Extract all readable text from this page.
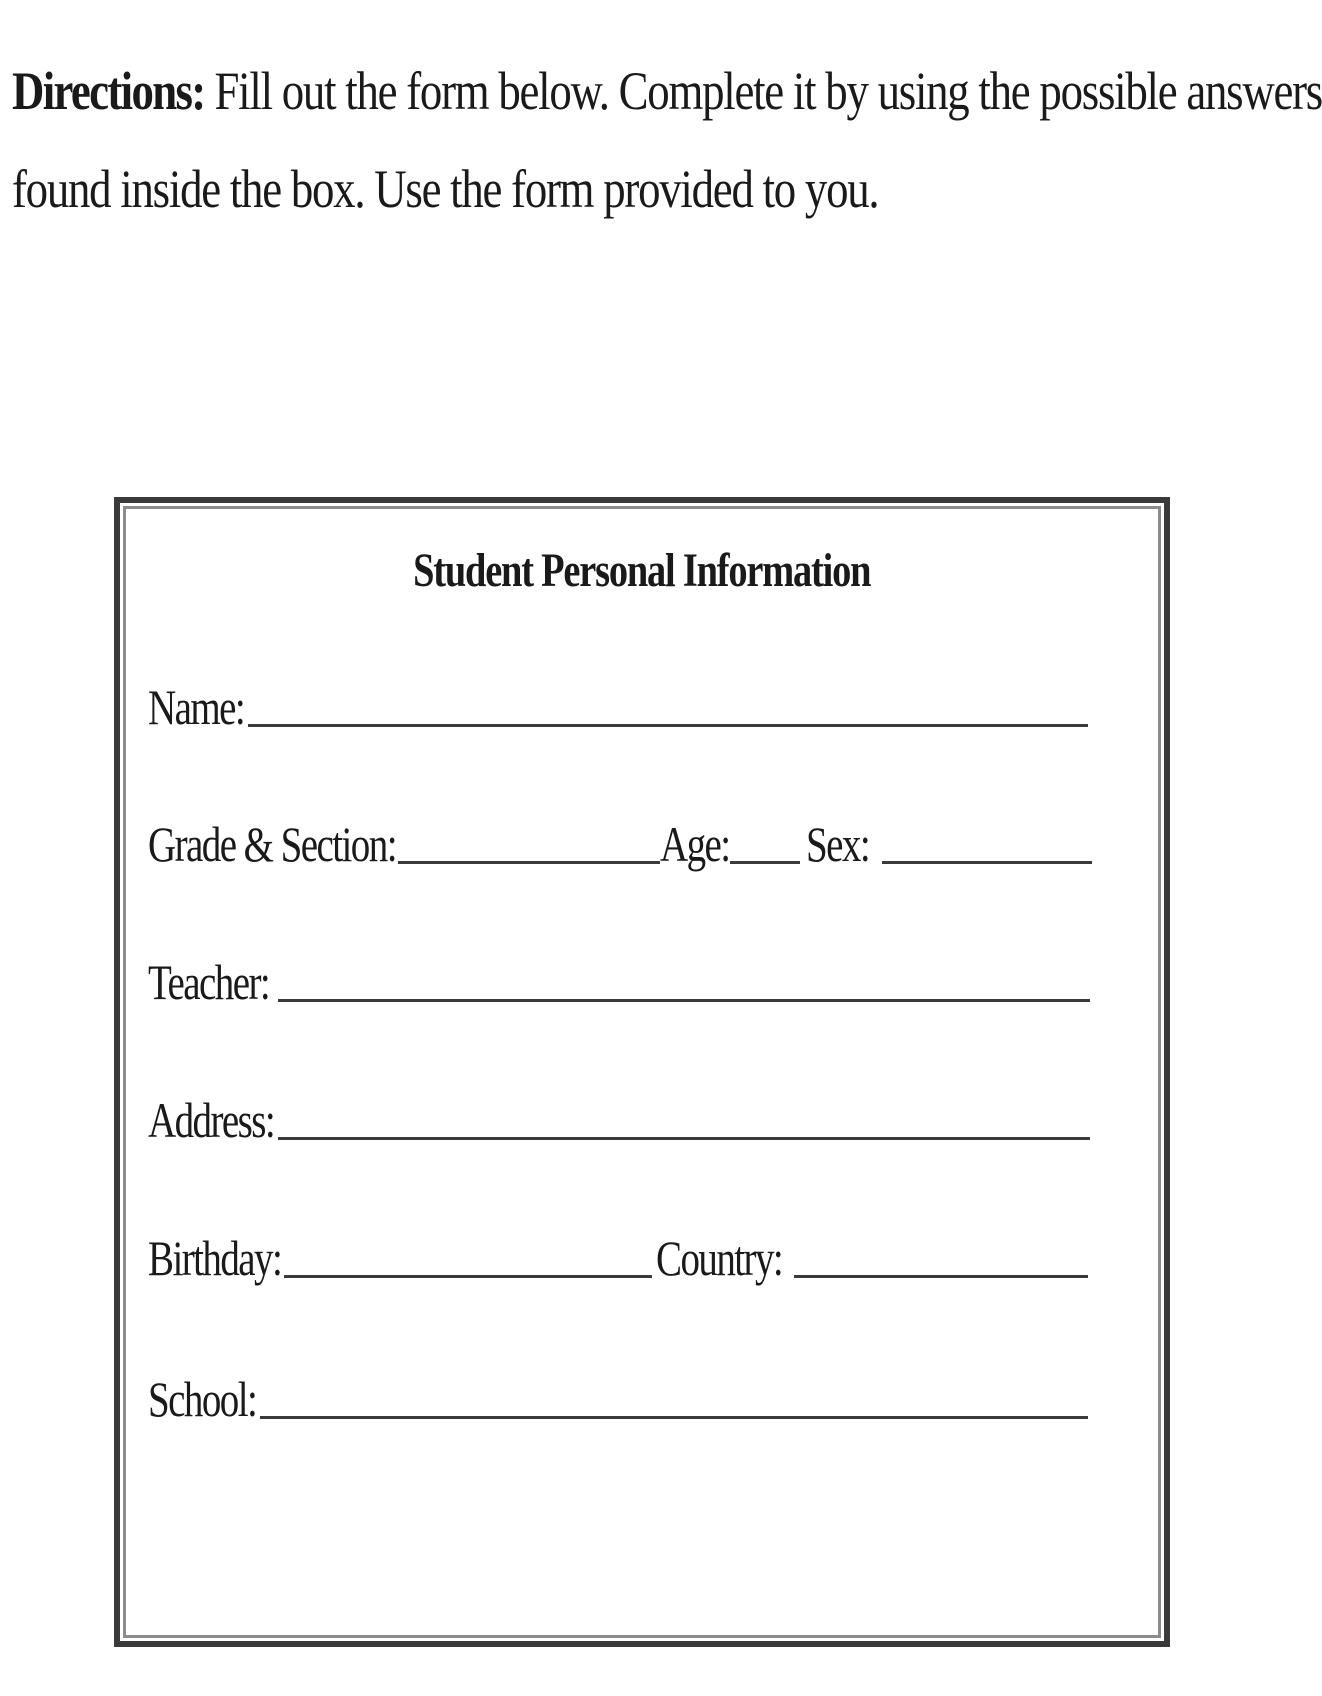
Directions: Fill out the form below. Complete it by using the possible answers
found inside the box. Use the form provided to you.
Student Personal Information
Name:
Grade & Section:	Age: Sex:
Teacher:
Address:
Birthday:	Country:
School:
